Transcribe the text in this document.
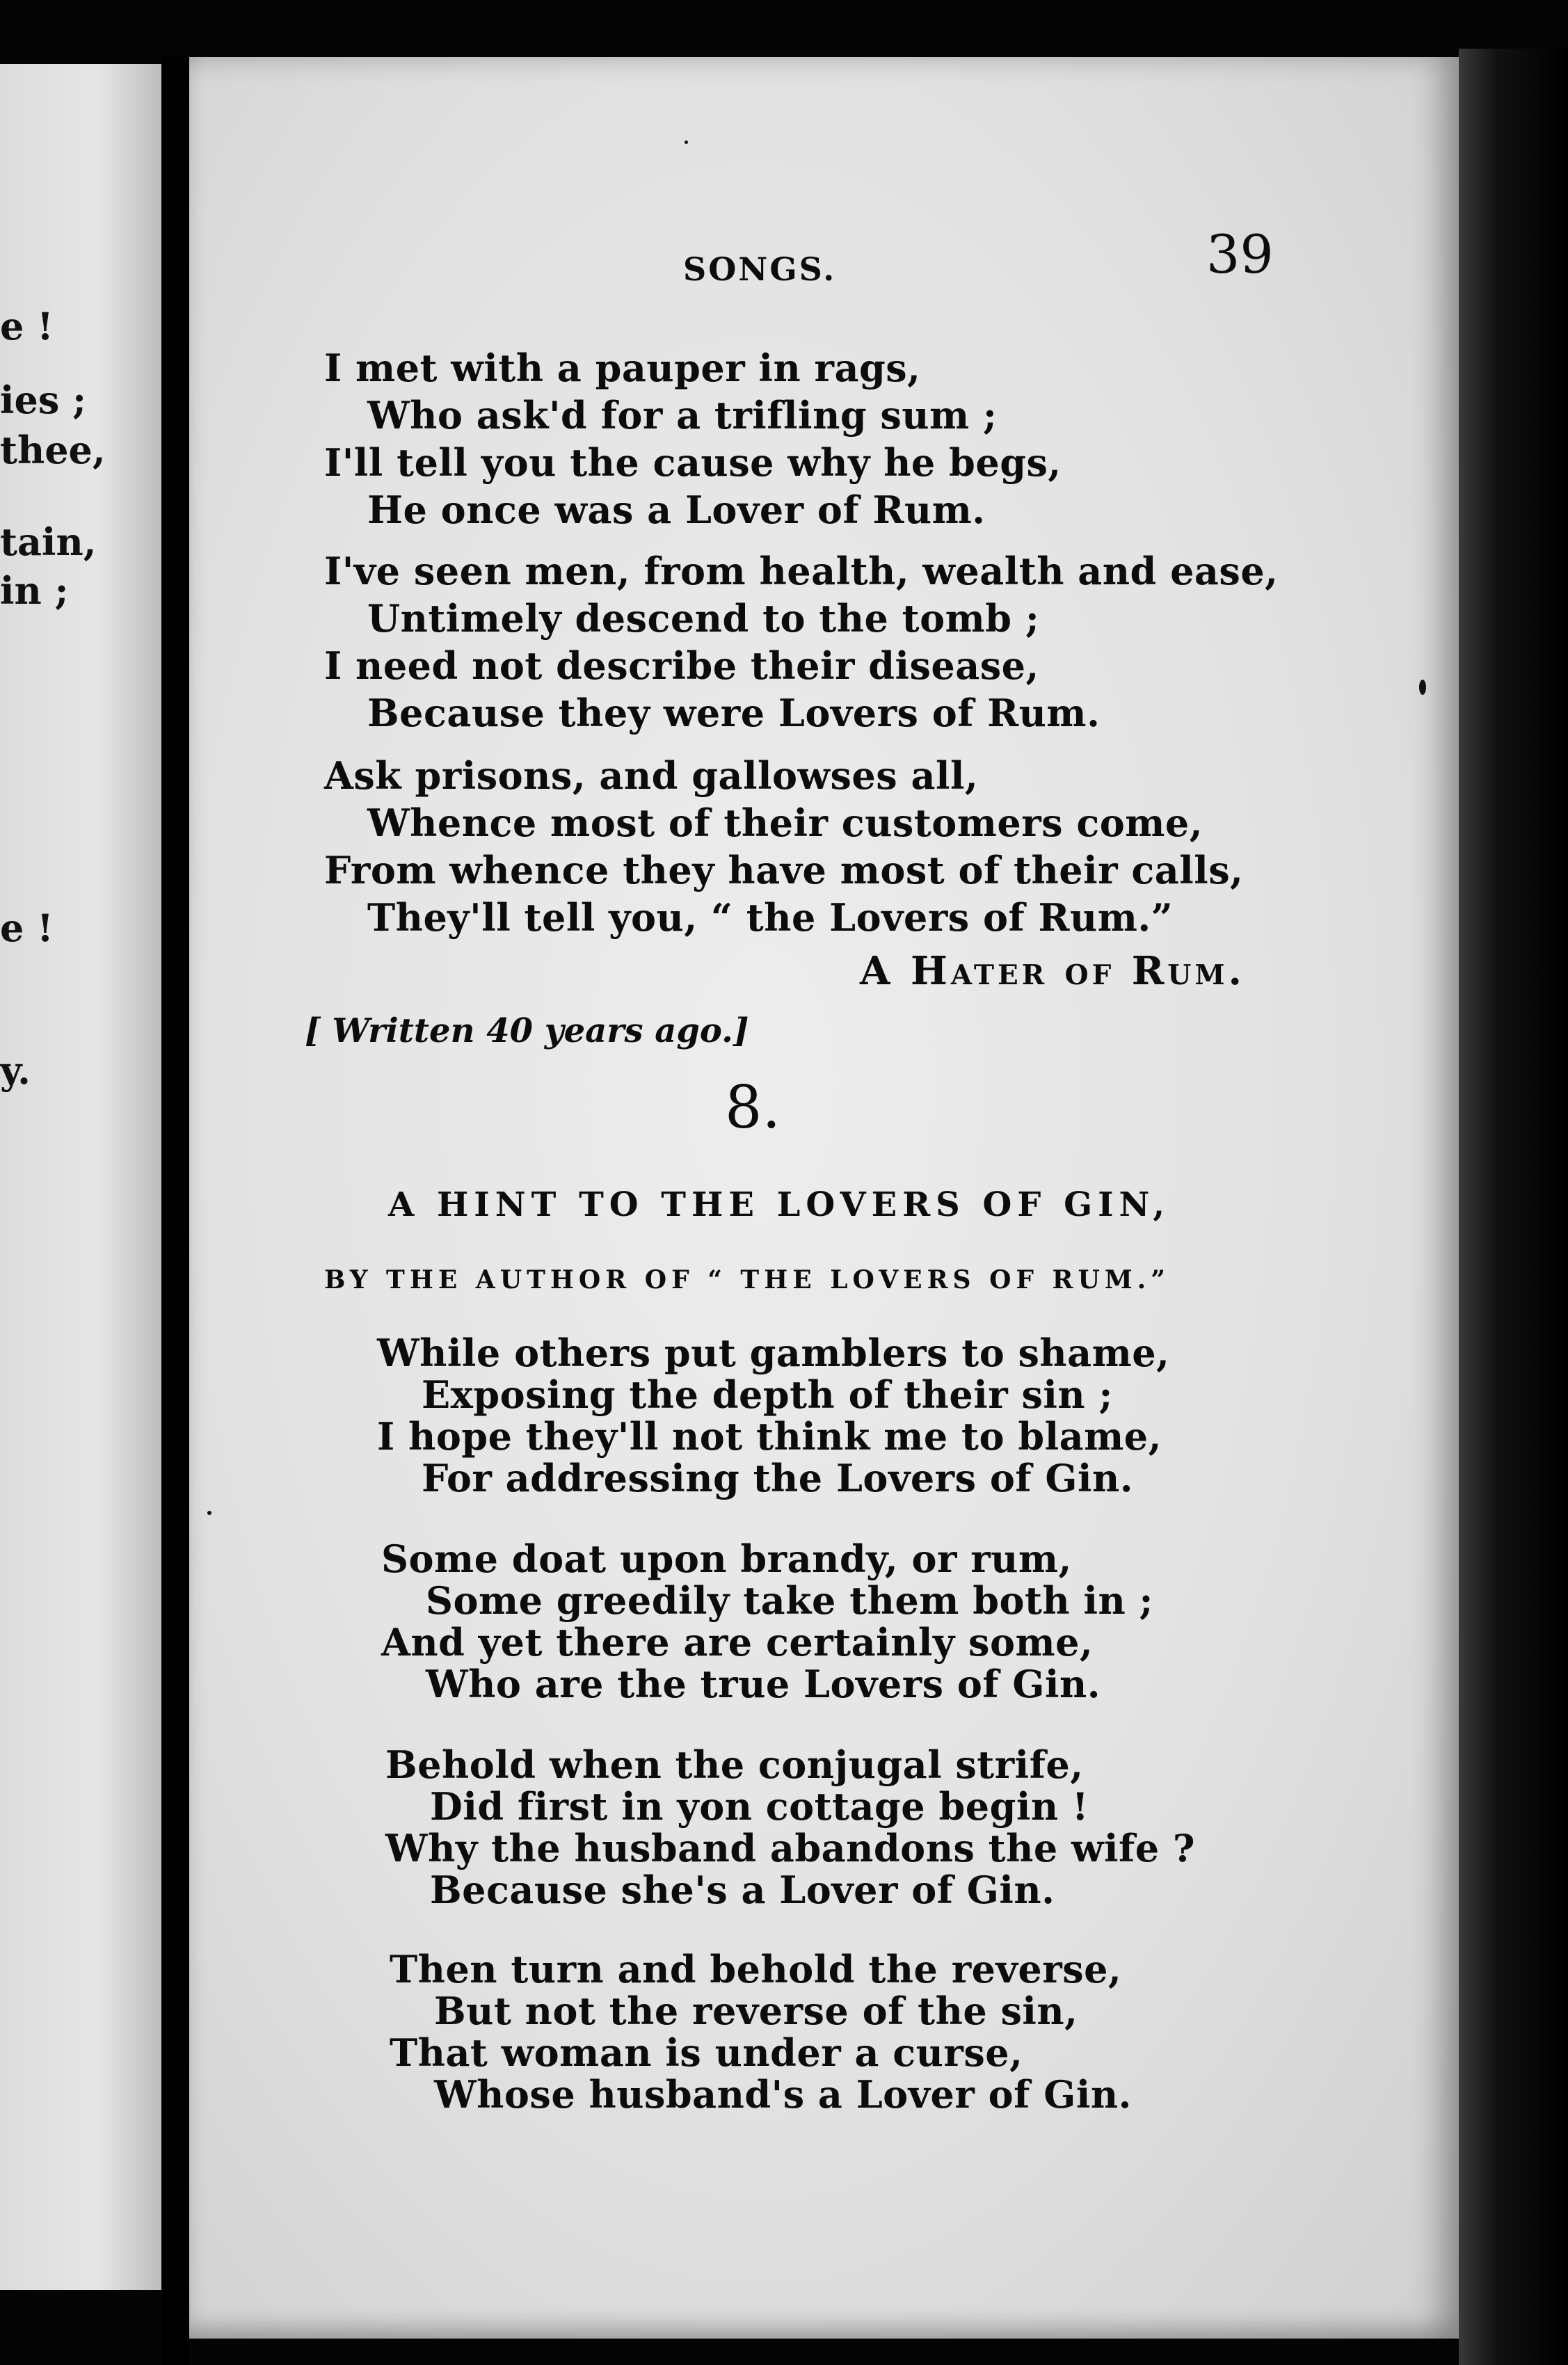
e !
ies ;
thee,
tain,
in ;
e !
y.
SONGS.	39
I met with a pauper in rags,
Who ask'd for a trifling sum ;
I'll tell you the cause why he begs,
He once was a Lover of Rum.
I've seen men, from health, wealth and ease,
Untimely descend to the tomb ;
I need not describe their disease,
Because they were Lovers of Rum.
Ask prisons, and gallowses all,
Whence most of their customers come,
From whence they have most of their calls,
They'll tell you, “ the Lovers of Rum.”
A Hater of Rum.
[ Written 40 years ago.]
8.
A HINT TO THE LOVERS OF GIN,
BY THE AUTHOR OF “ THE LOVERS OF RUM.”
While others put gamblers to shame,
Exposing the depth of their sin ;
I hope they'll not think me to blame,
For addressing the Lovers of Gin.
Some doat upon brandy, or rum,
Some greedily take them both in ;
And yet there are certainly some,
Who are the true Lovers of Gin.
Behold when the conjugal strife,
Did first in yon cottage begin !
Why the husband abandons the wife ?
Because she's a Lover of Gin.
Then turn and behold the reverse,
But not the reverse of the sin,
That woman is under a curse,
Whose husband's a Lover of Gin.
